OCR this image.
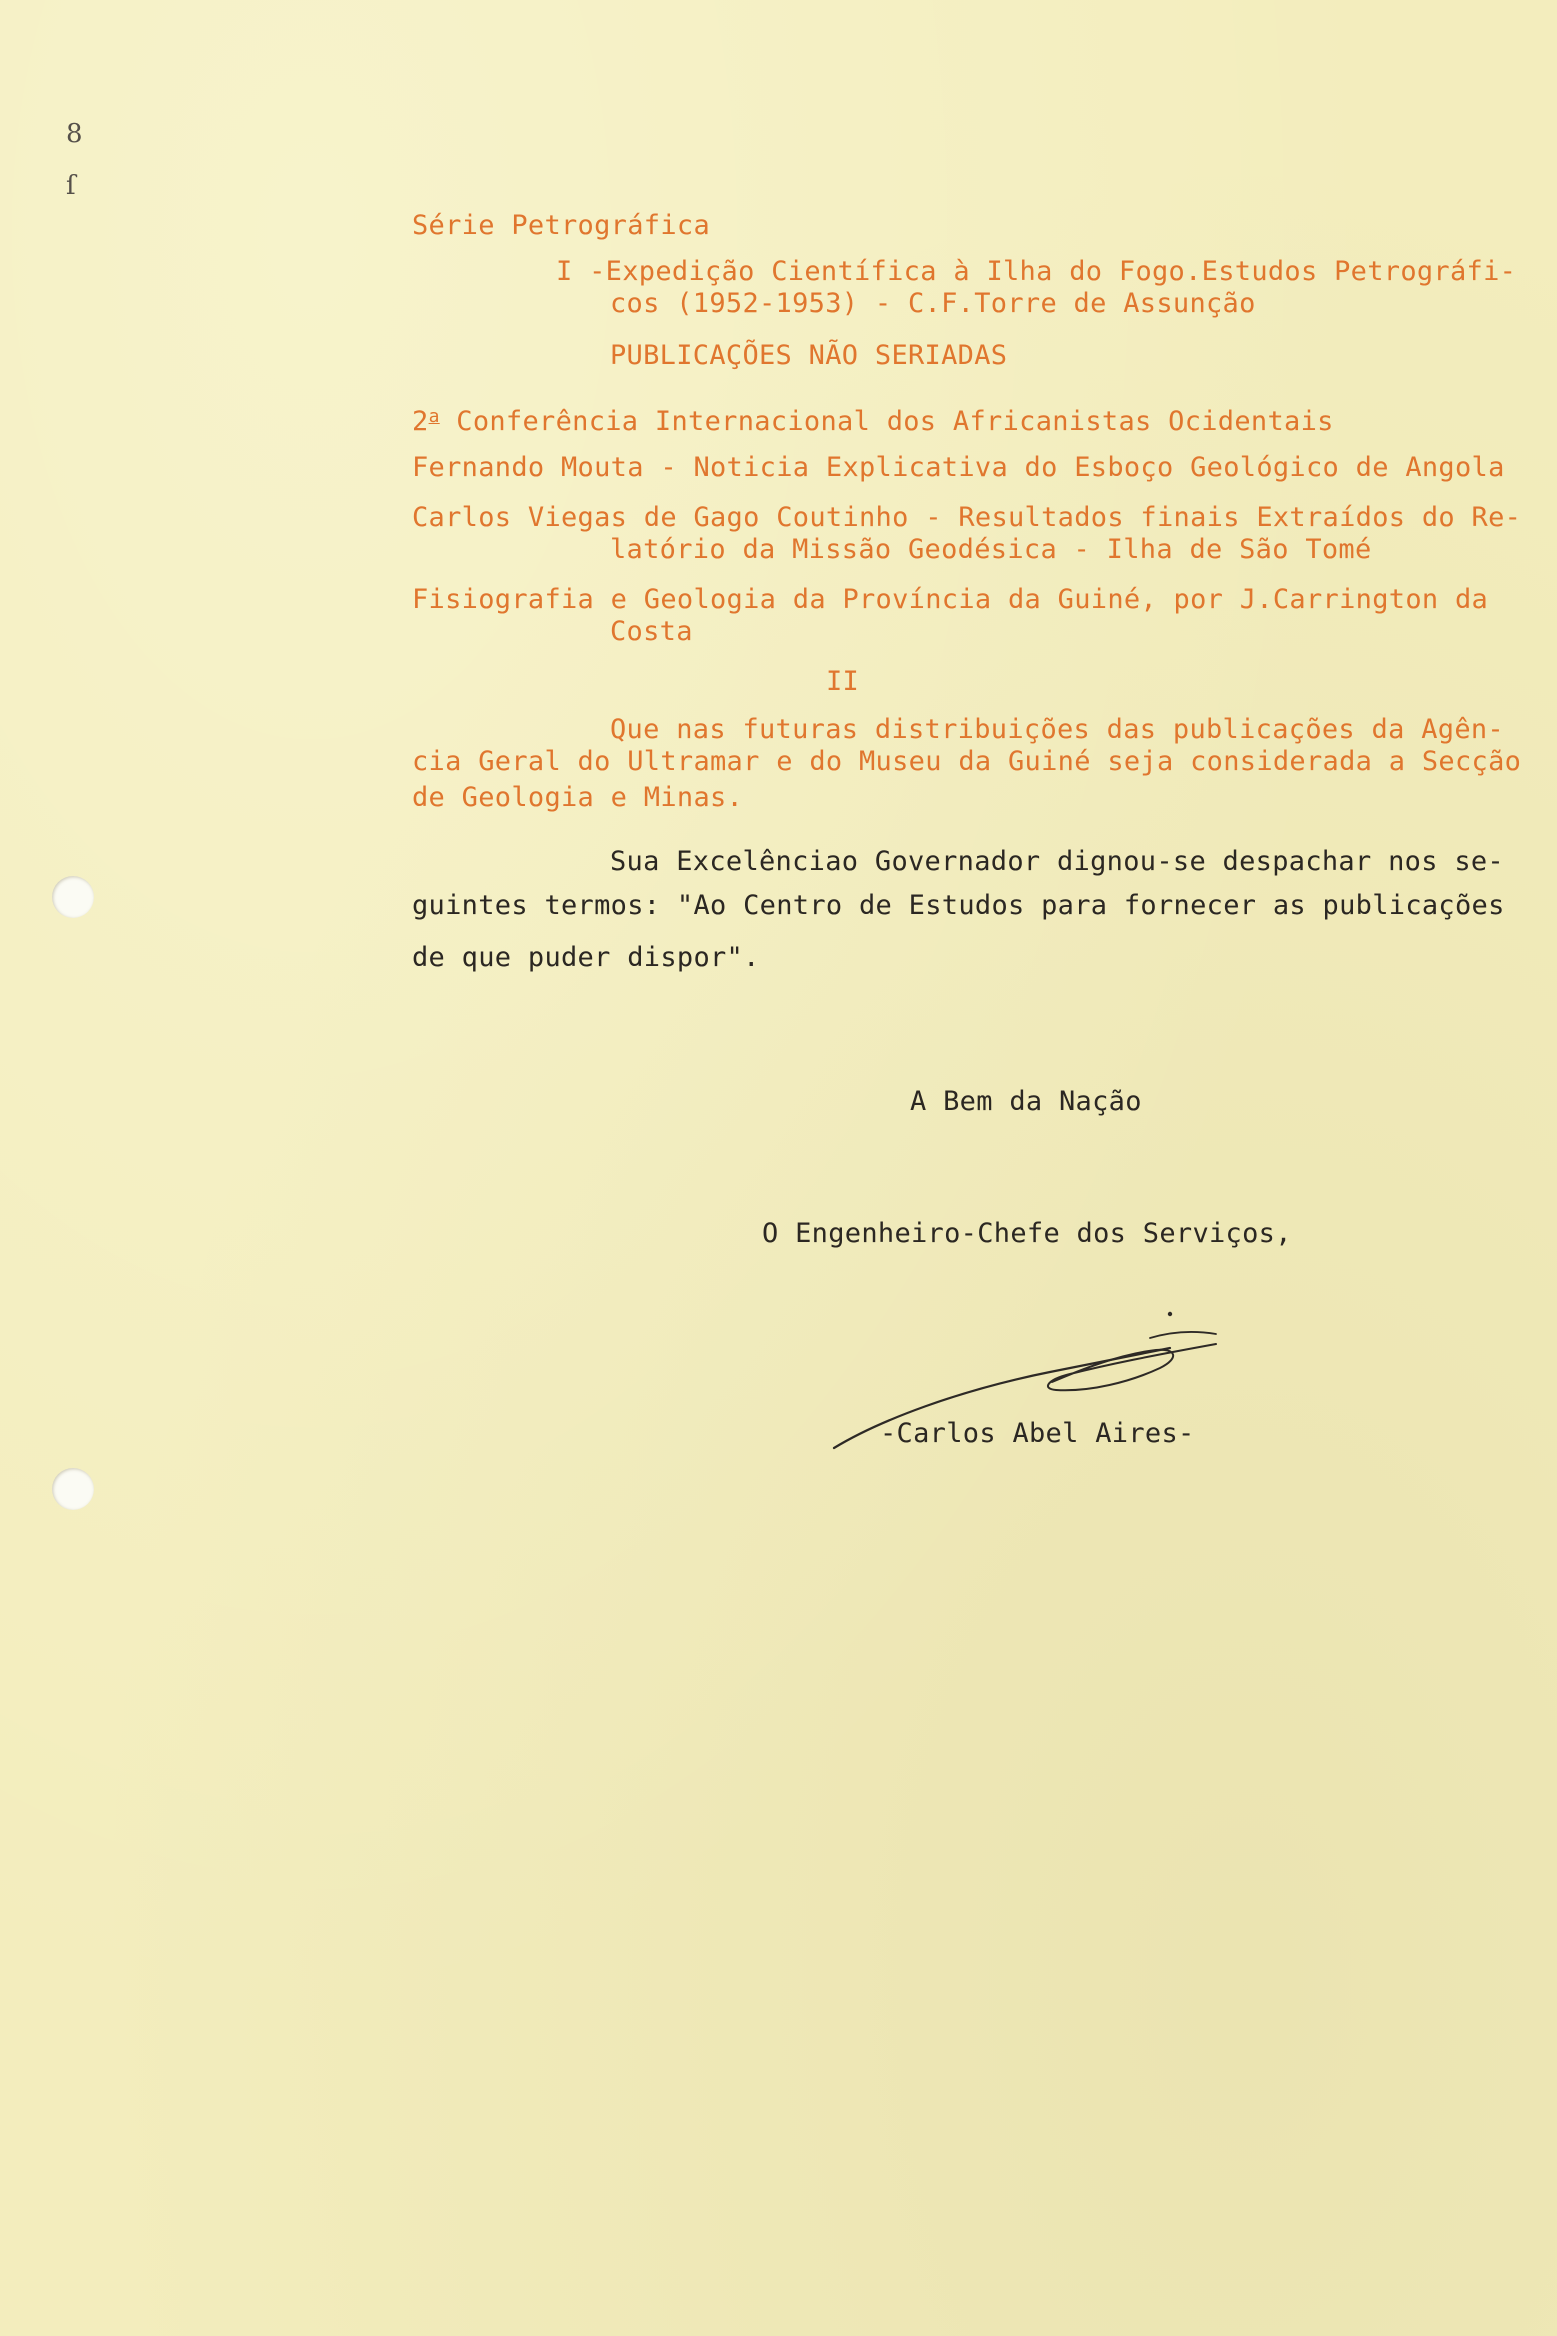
8
ſ

Série Petrográfica

I -Expedição Científica à Ilha do Fogo.Estudos Petrográfi-

cos (1952-1953) - C.F.Torre de Assunção

PUBLICAÇÕES NÃO SERIADAS

2$^a$ Conferência Internacional dos Africanistas Ocidentais

Fernando Mouta - Noticia Explicativa do Esboço Geológico de Angola

Carlos Viegas de Gago Coutinho - Resultados finais Extraídos do Re-

latório da Missão Geodésica - Ilha de São Tomé

Fisiografia e Geologia da Província da Guiné, por J.Carrington da

Costa

II

Que nas futuras distribuições das publicações da Agên-

cia Geral do Ultramar e do Museu da Guiné seja considerada a Secção

de Geologia e Minas.

Sua Excelênciao Governador dignou-se despachar nos se-

guintes termos: "Ao Centro de Estudos para fornecer as publicações

de que puder dispor".

A Bem da Nação

O Engenheiro-Chefe dos Serviços,

-Carlos Abel Aires-
